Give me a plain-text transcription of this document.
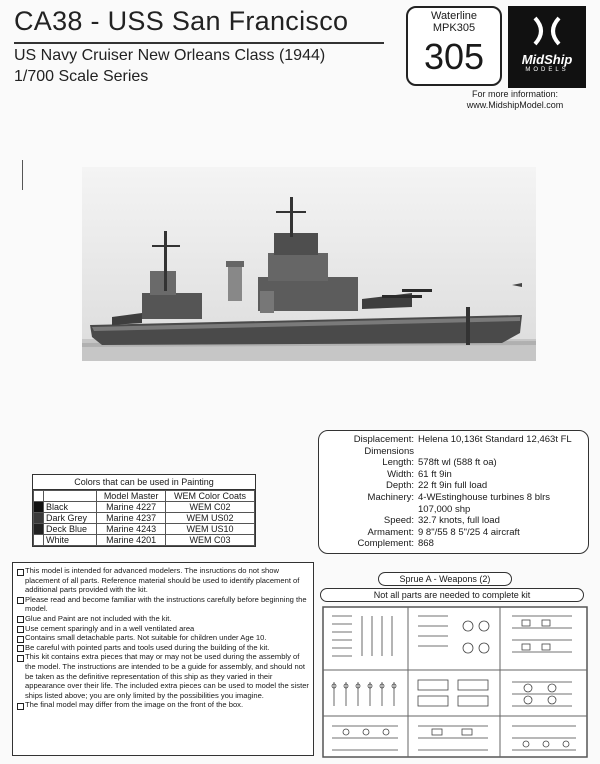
CA38 - USS San Francisco
US Navy Cruiser New Orleans Class (1944)
1/700 Scale Series
Waterline
MPK305
305	MidShip
MODELS
For more information:
www.MidshipModel.com
Displacement: Helena 10,136t Standard 12,463t FL
Dimensions
Length: 578ft wl (588 ft oa)
Width: 61 ft 9in
Depth: 22 ft 9in full load
Machinery: 4-WEstinghouse turbines 8 blrs
107,000 shp
Speed: 32.7 knots, full load
Armament: 9 8"/55 8 5"/25 4 aircraft
Complement: 868
Colors that can be used in Painting
		Model Master	WEM Color Coats
	Black	Marine 4227	WEM C02
	Dark Grey	Marine 4237	WEM US02
	Deck Blue	Marine 4243	WEM US10
	White	Marine 4201	WEM C03
This model is intended for advanced modelers. The insructions do not show placement of all parts. Reference material should be used to identify placement of additional parts provided with the kit.
Please read and become familiar with the instructions carefully before beginning the model.
Glue and Paint are not included with the kit.
Use cement sparingly and in a well ventilated area
Contains small detachable parts. Not suitable for children under Age 10.
Be careful with pointed parts and tools used during the building of the kit.
This kit contains extra pieces that may or may not be used during the assembly of the model. The instructions are intended to be a guide for assembly, and should not be taken as the definitive representation of this ship as they varied in their appearance over their life. The included extra pieces can be used to model the sister ships listed above; you are only limited by the possibilities you imagine.
The final model may differ from the image on the front of the box.
Sprue A - Weapons (2)
Not all parts are needed to complete kit
